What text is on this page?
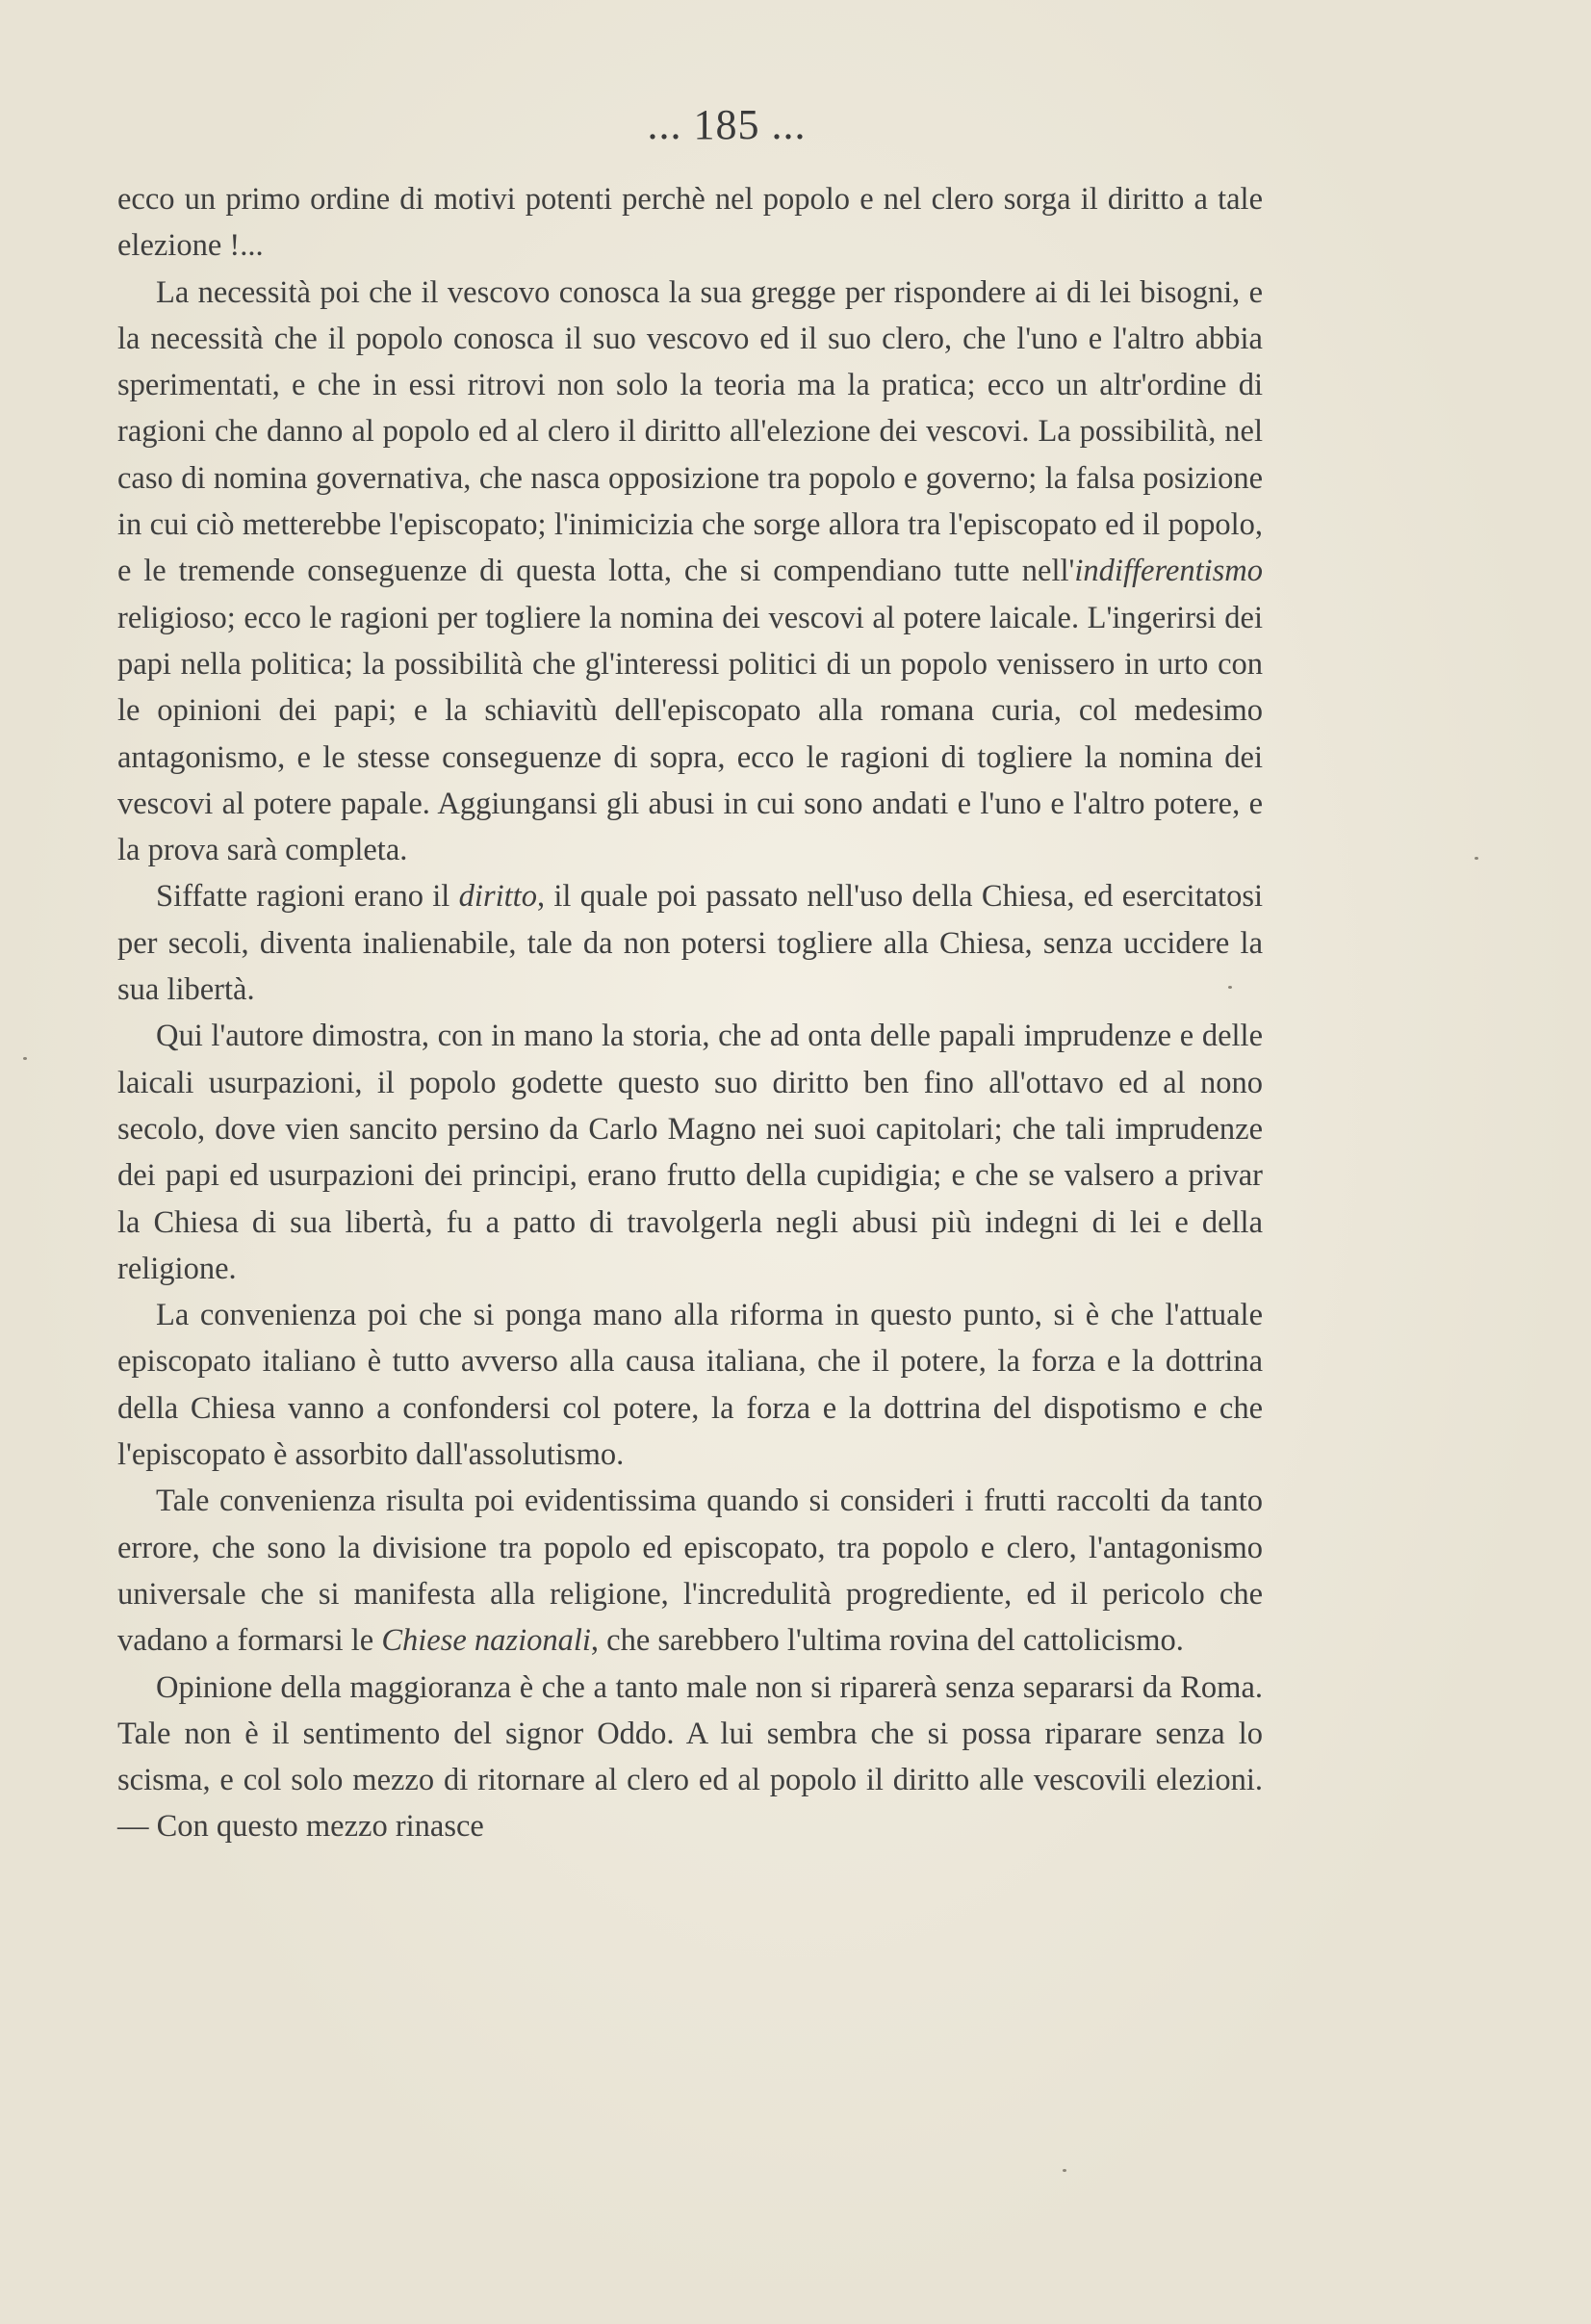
... 185 ...

ecco un primo ordine di motivi potenti perchè nel popolo e nel clero sorga il diritto a tale elezione !...

La necessità poi che il vescovo conosca la sua gregge per rispondere ai di lei bisogni, e la necessità che il popolo conosca il suo vescovo ed il suo clero, che l'uno e l'altro abbia sperimentati, e che in essi ritrovi non solo la teoria ma la pratica; ecco un altr'ordine di ragioni che danno al popolo ed al clero il diritto all'elezione dei vescovi. La possibilità, nel caso di nomina governativa, che nasca opposizione tra popolo e governo; la falsa posizione in cui ciò metterebbe l'episcopato; l'inimicizia che sorge allora tra l'episcopato ed il popolo, e le tremende conseguenze di questa lotta, che si compendiano tutte nell'indifferentismo religioso; ecco le ragioni per togliere la nomina dei vescovi al potere laicale. L'ingerirsi dei papi nella politica; la possibilità che gl'interessi politici di un popolo venissero in urto con le opinioni dei papi; e la schiavitù dell'episcopato alla romana curia, col medesimo antagonismo, e le stesse conseguenze di sopra, ecco le ragioni di togliere la nomina dei vescovi al potere papale. Aggiungansi gli abusi in cui sono andati e l'uno e l'altro potere, e la prova sarà completa.

Siffatte ragioni erano il diritto, il quale poi passato nell'uso della Chiesa, ed esercitatosi per secoli, diventa inalienabile, tale da non potersi togliere alla Chiesa, senza uccidere la sua libertà.

Qui l'autore dimostra, con in mano la storia, che ad onta delle papali imprudenze e delle laicali usurpazioni, il popolo godette questo suo diritto ben fino all'ottavo ed al nono secolo, dove vien sancito persino da Carlo Magno nei suoi capitolari; che tali imprudenze dei papi ed usurpazioni dei principi, erano frutto della cupidigia; e che se valsero a privar la Chiesa di sua libertà, fu a patto di travolgerla negli abusi più indegni di lei e della religione.

La convenienza poi che si ponga mano alla riforma in questo punto, si è che l'attuale episcopato italiano è tutto avverso alla causa italiana, che il potere, la forza e la dottrina della Chiesa vanno a confondersi col potere, la forza e la dottrina del dispotismo e che l'episcopato è assorbito dall'assolutismo.

Tale convenienza risulta poi evidentissima quando si consideri i frutti raccolti da tanto errore, che sono la divisione tra popolo ed episcopato, tra popolo e clero, l'antagonismo universale che si manifesta alla religione, l'incredulità progrediente, ed il pericolo che vadano a formarsi le Chiese nazionali, che sarebbero l'ultima rovina del cattolicismo.

Opinione della maggioranza è che a tanto male non si riparerà senza separarsi da Roma. Tale non è il sentimento del signor Oddo. A lui sembra che si possa riparare senza lo scisma, e col solo mezzo di ritornare al clero ed al popolo il diritto alle vescovili elezioni. — Con questo mezzo rinasce
